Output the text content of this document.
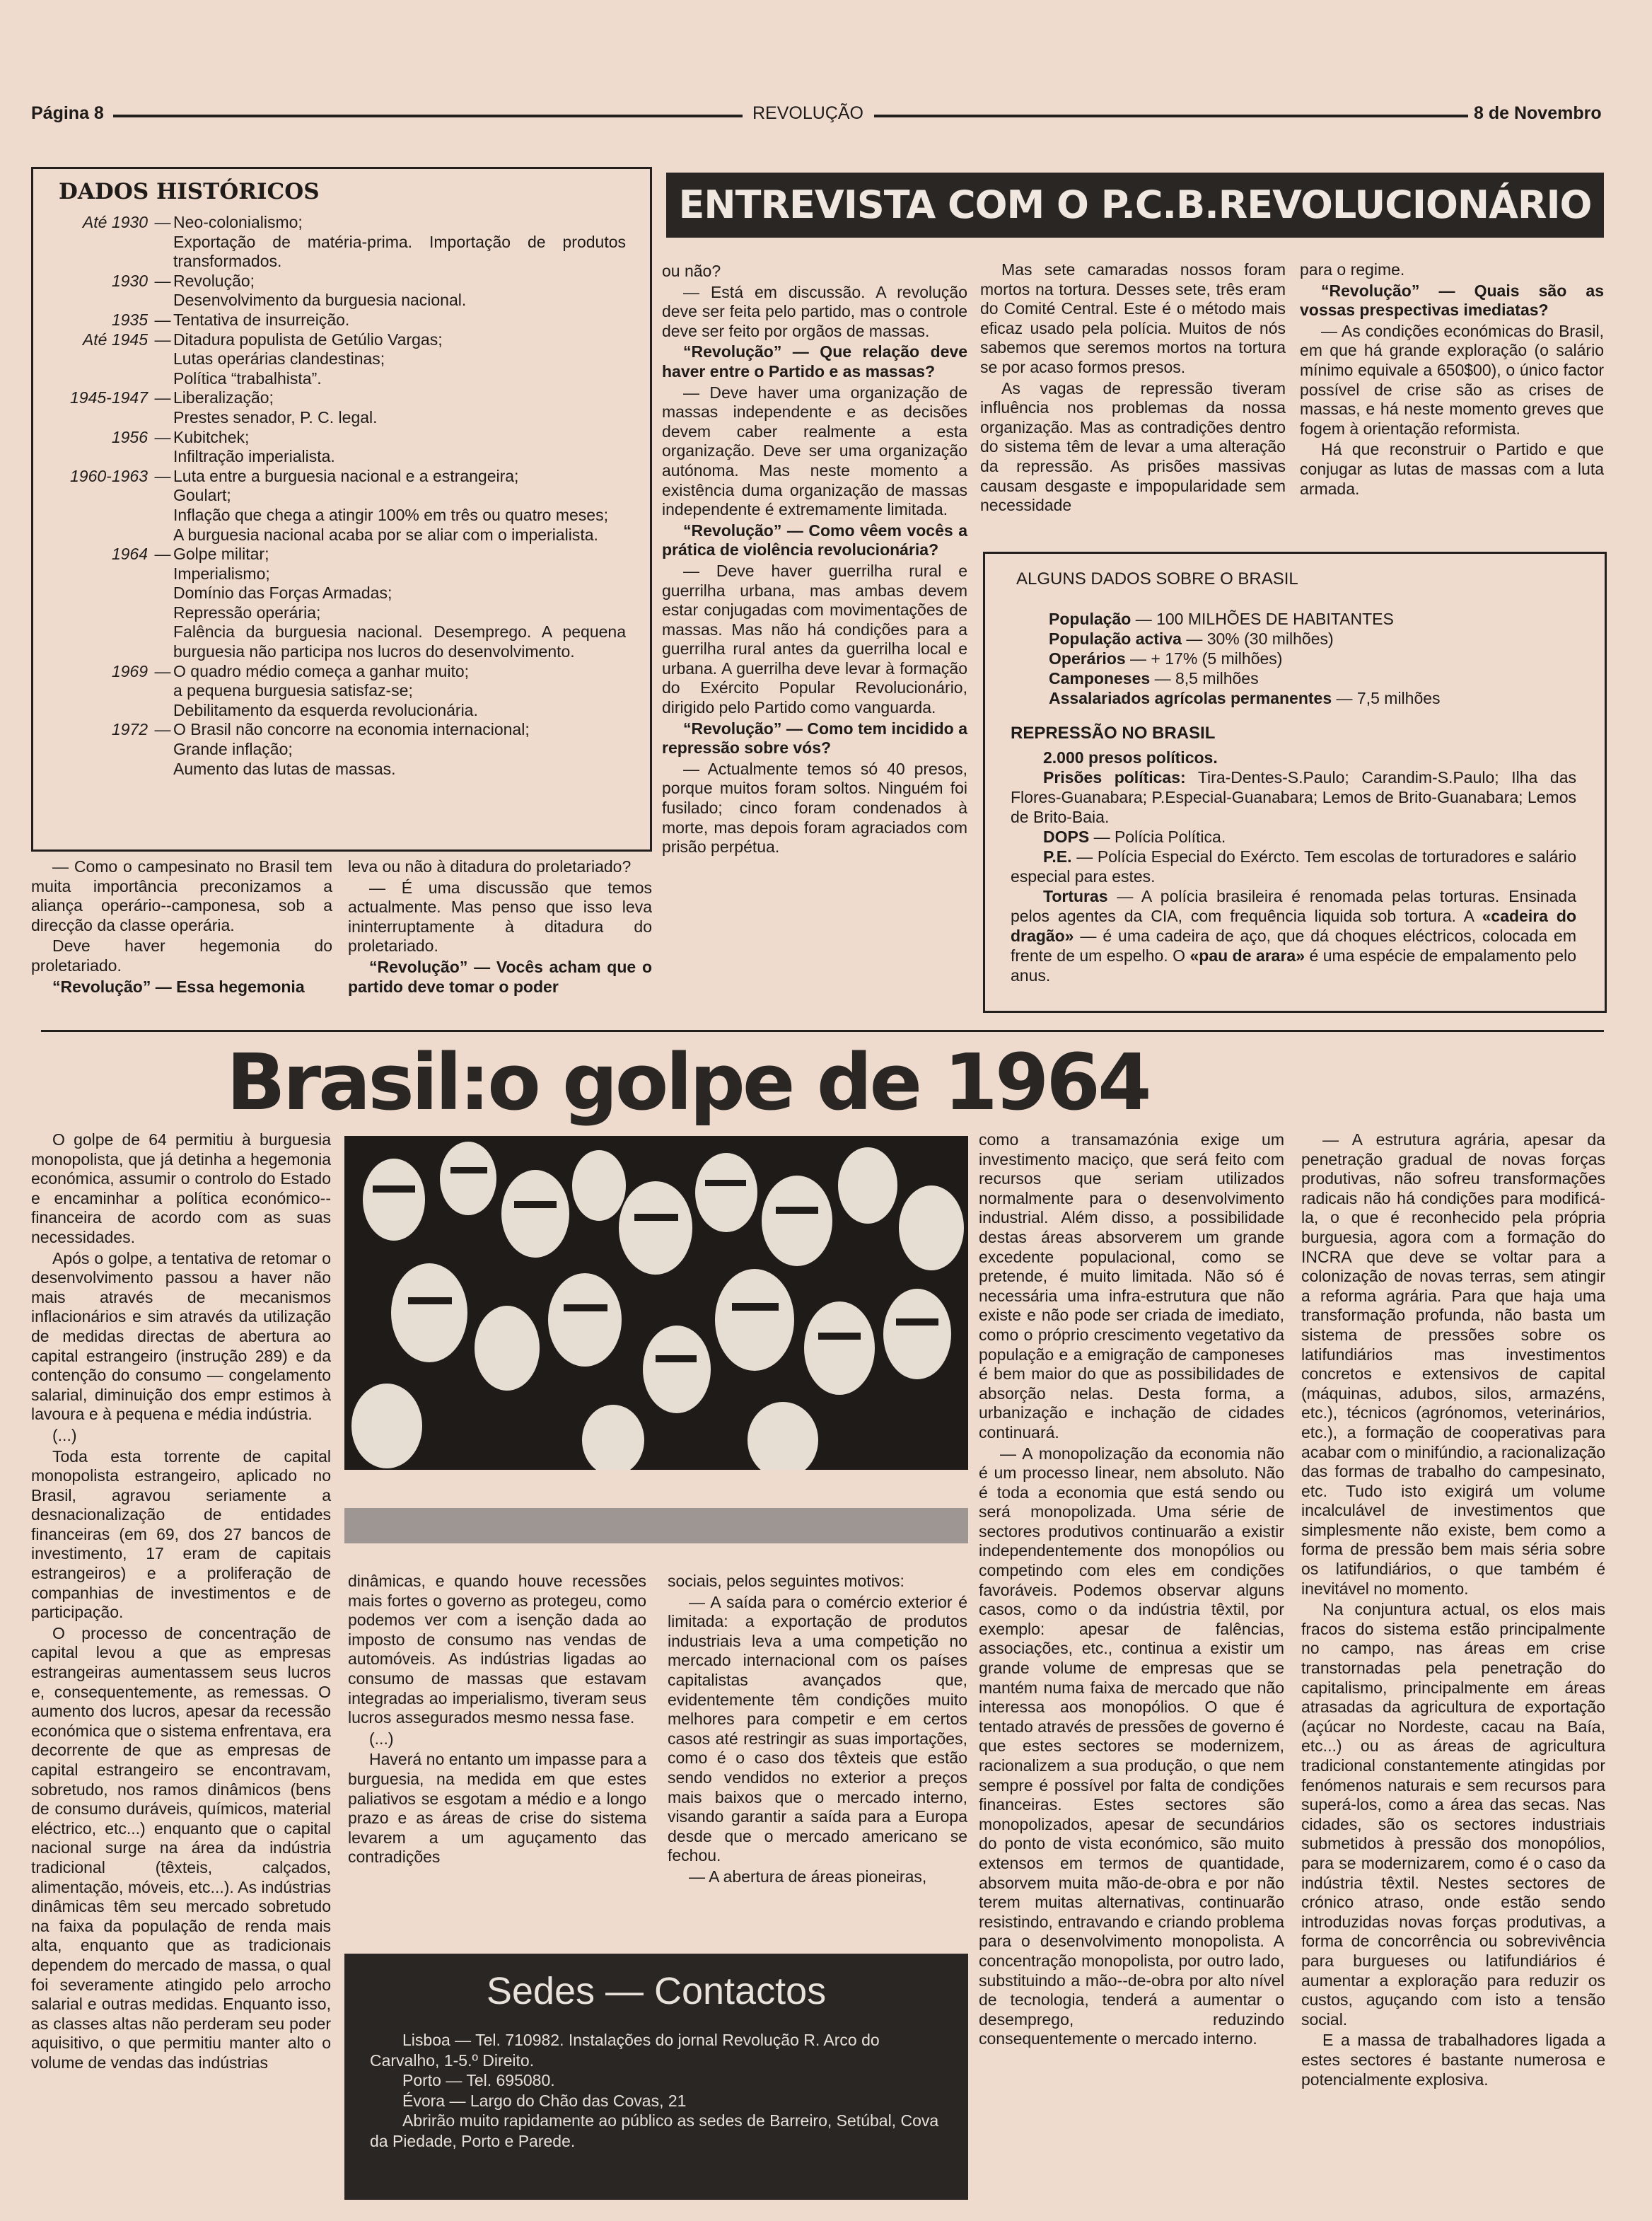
Página 8	REVOLUÇÃO	8 de Novembro
DADOS HISTÓRICOS
Até 1930 — Neo-colonialismo;
Exportação de matéria-prima. Importação de produtos transformados.
1930 — Revolução;
Desenvolvimento da burguesia nacional.
1935 — Tentativa de insurreição.
Até 1945 — Ditadura populista de Getúlio Vargas;
Lutas operárias clandestinas;
Política “trabalhista”.
1945-1947 — Liberalização;
Prestes senador, P. C. legal.
1956 — Kubitchek;
Infiltração imperialista.
1960-1963 — Luta entre a burguesia nacional e a estrangeira;
Goulart;
Inflação que chega a atingir 100% em três ou quatro meses;
A burguesia nacional acaba por se aliar com o imperialista.
1964 — Golpe militar;
Imperialismo;
Domínio das Forças Armadas;
Repressão operária;
Falência da burguesia nacional. Desemprego. A pequena burguesia não participa nos lucros do desenvolvimento.
1969 — O quadro médio começa a ganhar muito;
a pequena burguesia satisfaz-se;
Debilitamento da esquerda revolucionária.
1972 — O Brasil não concorre na economia internacional;
Grande inflação;
Aumento das lutas de massas.
ENTREVISTA COM O P.C.B.REVOLUCIONÁRIO

— Como o campesinato no Brasil tem muita importância preconizamos a aliança operário--camponesa, sob a direcção da classe operária.

Deve haver hegemonia do proletariado.

“Revolução” — Essa hegemonia

leva ou não à ditadura do proletariado?

— É uma discussão que temos actualmente. Mas penso que isso leva ininterruptamente à ditadura do proletariado.

“Revolução” — Vocês acham que o partido deve tomar o poder

ou não?

— Está em discussão. A revolução deve ser feita pelo partido, mas o controle deve ser feito por orgãos de massas.

“Revolução” — Que relação deve haver entre o Partido e as massas?

— Deve haver uma organização de massas independente e as decisões devem caber realmente a esta organização. Deve ser uma organização autónoma. Mas neste momento a existência duma organização de massas independente é extremamente limitada.

“Revolução” — Como vêem vocês a prática de violência revolucionária?

— Deve haver guerrilha rural e guerrilha urbana, mas ambas devem estar conjugadas com movimentações de massas. Mas não há condições para a guerrilha rural antes da guerrilha local e urbana. A guerrilha deve levar à formação do Exército Popular Revolucionário, dirigido pelo Partido como vanguarda.

“Revolução” — Como tem incidido a repressão sobre vós?

— Actualmente temos só 40 presos, porque muitos foram soltos. Ninguém foi fusilado; cinco foram condenados à morte, mas depois foram agraciados com prisão perpétua.

Mas sete camaradas nossos foram mortos na tortura. Desses sete, três eram do Comité Central. Este é o método mais eficaz usado pela polícia. Muitos de nós sabemos que seremos mortos na tortura se por acaso formos presos.

As vagas de repressão tiveram influência nos problemas da nossa organização. Mas as contradições dentro do sistema têm de levar a uma alteração da repressão. As prisões massivas causam desgaste e impopularidade sem necessidade

para o regime.

“Revolução” — Quais são as vossas prespectivas imediatas?

— As condições económicas do Brasil, em que há grande exploração (o salário mínimo equivale a 650$00), o único factor possível de crise são as crises de massas, e há neste momento greves que fogem à orientação reformista.

Há que reconstruir o Partido e que conjugar as lutas de massas com a luta armada.

ALGUNS DADOS SOBRE O BRASIL
População — 100 MILHÕES DE HABITANTES
População activa — 30% (30 milhões)
Operários — + 17% (5 milhões)
Camponeses — 8,5 milhões
Assalariados agrícolas permanentes — 7,5 milhões
REPRESSÃO NO BRASIL
2.000 presos políticos.
Prisões políticas: Tira-Dentes-S.Paulo; Carandim-S.Paulo; Ilha das Flores-Guanabara; P.Especial-Guanabara; Lemos de Brito-Guanabara; Lemos de Brito-Baia.
DOPS — Polícia Política.
P.E. — Polícia Especial do Exércto. Tem escolas de torturadores e salário especial para estes.
Torturas — A polícia brasileira é renomada pelas torturas. Ensinada pelos agentes da CIA, com frequência liquida sob tortura. A «cadeira do dragão» — é uma cadeira de aço, que dá choques eléctricos, colocada em frente de um espelho. O «pau de arara» é uma espécie de empalamento pelo anus.
Brasil:o golpe de 1964

O golpe de 64 permitiu à burguesia monopolista, que já detinha a hegemonia económica, assumir o controlo do Estado e encaminhar a política económico--financeira de acordo com as suas necessidades.

Após o golpe, a tentativa de retomar o desenvolvimento passou a haver não mais através de mecanismos inflacionários e sim através da utilização de medidas directas de abertura ao capital estrangeiro (instrução 289) e da contenção do consumo — congelamento salarial, diminuição dos empr estimos à lavoura e à pequena e média indústria.

(...)

Toda esta torrente de capital monopolista estrangeiro, aplicado no Brasil, agravou seriamente a desnacionalização de entidades financeiras (em 69, dos 27 bancos de investimento, 17 eram de capitais estrangeiros) e a proliferação de companhias de investimentos e de participação.

O processo de concentração de capital levou a que as empresas estrangeiras aumentassem seus lucros e, consequentemente, as remessas. O aumento dos lucros, apesar da recessão económica que o sistema enfrentava, era decorrente de que as empresas de capital estrangeiro se encontravam, sobretudo, nos ramos dinâmicos (bens de consumo duráveis, químicos, material eléctrico, etc...) enquanto que o capital nacional surge na área da indústria tradicional (têxteis, calçados, alimentação, móveis, etc...). As indústrias dinâmicas têm seu mercado sobretudo na faixa da população de renda mais alta, enquanto que as tradicionais dependem do mercado de massa, o qual foi severamente atingido pelo arrocho salarial e outras medidas. Enquanto isso, as classes altas não perderam seu poder aquisitivo, o que permitiu manter alto o volume de vendas das indústrias

dinâmicas, e quando houve recessões mais fortes o governo as protegeu, como podemos ver com a isenção dada ao imposto de consumo nas vendas de automóveis. As indústrias ligadas ao consumo de massas que estavam integradas ao imperialismo, tiveram seus lucros assegurados mesmo nessa fase.

(...)

Haverá no entanto um impasse para a burguesia, na medida em que estes paliativos se esgotam a médio e a longo prazo e as áreas de crise do sistema levarem a um aguçamento das contradições

sociais, pelos seguintes motivos:

— A saída para o comércio exterior é limitada: a exportação de produtos industriais leva a uma competição no mercado internacional com os países capitalistas avançados que, evidentemente têm condições muito melhores para competir e em certos casos até restringir as suas importações, como é o caso dos têxteis que estão sendo vendidos no exterior a preços mais baixos que o mercado interno, visando garantir a saída para a Europa desde que o mercado americano se fechou.

— A abertura de áreas pioneiras,

como a transamazónia exige um investimento maciço, que será feito com recursos que seriam utilizados normalmente para o desenvolvimento industrial. Além disso, a possibilidade destas áreas absorverem um grande excedente populacional, como se pretende, é muito limitada. Não só é necessária uma infra-estrutura que não existe e não pode ser criada de imediato, como o próprio crescimento vegetativo da população e a emigração de camponeses é bem maior do que as possibilidades de absorção nelas. Desta forma, a urbanização e inchação de cidades continuará.

— A monopolização da economia não é um processo linear, nem absoluto. Não é toda a economia que está sendo ou será monopolizada. Uma série de sectores produtivos continuarão a existir independentemente dos monopólios ou competindo com eles em condições favoráveis. Podemos observar alguns casos, como o da indústria têxtil, por exemplo: apesar de falências, associações, etc., continua a existir um grande volume de empresas que se mantém numa faixa de mercado que não interessa aos monopólios. O que é tentado através de pressões de governo é que estes sectores se modernizem, racionalizem a sua produção, o que nem sempre é possível por falta de condições financeiras. Estes sectores são monopolizados, apesar de secundários do ponto de vista económico, são muito extensos em termos de quantidade, absorvem muita mão-de-obra e por não terem muitas alternativas, continuarão resistindo, entravando e criando problema para o desenvolvimento monopolista. A concentração monopolista, por outro lado, substituindo a mão--de-obra por alto nível de tecnologia, tenderá a aumentar o desemprego, reduzindo consequentemente o mercado interno.

— A estrutura agrária, apesar da penetração gradual de novas forças produtivas, não sofreu transformações radicais não há condições para modificá-la, o que é reconhecido pela própria burguesia, agora com a formação do INCRA que deve se voltar para a colonização de novas terras, sem atingir a reforma agrária. Para que haja uma transformação profunda, não basta um sistema de pressões sobre os latifundiários mas investimentos concretos e extensivos de capital (máquinas, adubos, silos, armazéns, etc.), técnicos (agrónomos, veterinários, etc.), a formação de cooperativas para acabar com o minifúndio, a racionalização das formas de trabalho do campesinato, etc. Tudo isto exigirá um volume incalculável de investimentos que simplesmente não existe, bem como a forma de pressão bem mais séria sobre os latifundiários, o que também é inevitável no momento.

Na conjuntura actual, os elos mais fracos do sistema estão principalmente no campo, nas áreas em crise transtornadas pela penetração do capitalismo, principalmente em áreas atrasadas da agricultura de exportação (açúcar no Nordeste, cacau na Baía, etc...) ou as áreas de agricultura tradicional constantemente atingidas por fenómenos naturais e sem recursos para superá-los, como a área das secas. Nas cidades, são os sectores industriais submetidos à pressão dos monopólios, para se modernizarem, como é o caso da indústria têxtil. Nestes sectores de crónico atraso, onde estão sendo introduzidas novas forças produtivas, a forma de concorrência ou sobrevivência para burgueses ou latifundiários é aumentar a exploração para reduzir os custos, aguçando com isto a tensão social.

E a massa de trabalhadores ligada a estes sectores é bastante numerosa e potencialmente explosiva.

Sedes — Contactos
Lisboa — Tel. 710982. Instalações do jornal Revolução R. Arco do Carvalho, 1-5.º Direito.
Porto — Tel. 695080.
Évora — Largo do Chão das Covas, 21
Abrirão muito rapidamente ao público as sedes de Barreiro, Setúbal, Cova da Piedade, Porto e Parede.
